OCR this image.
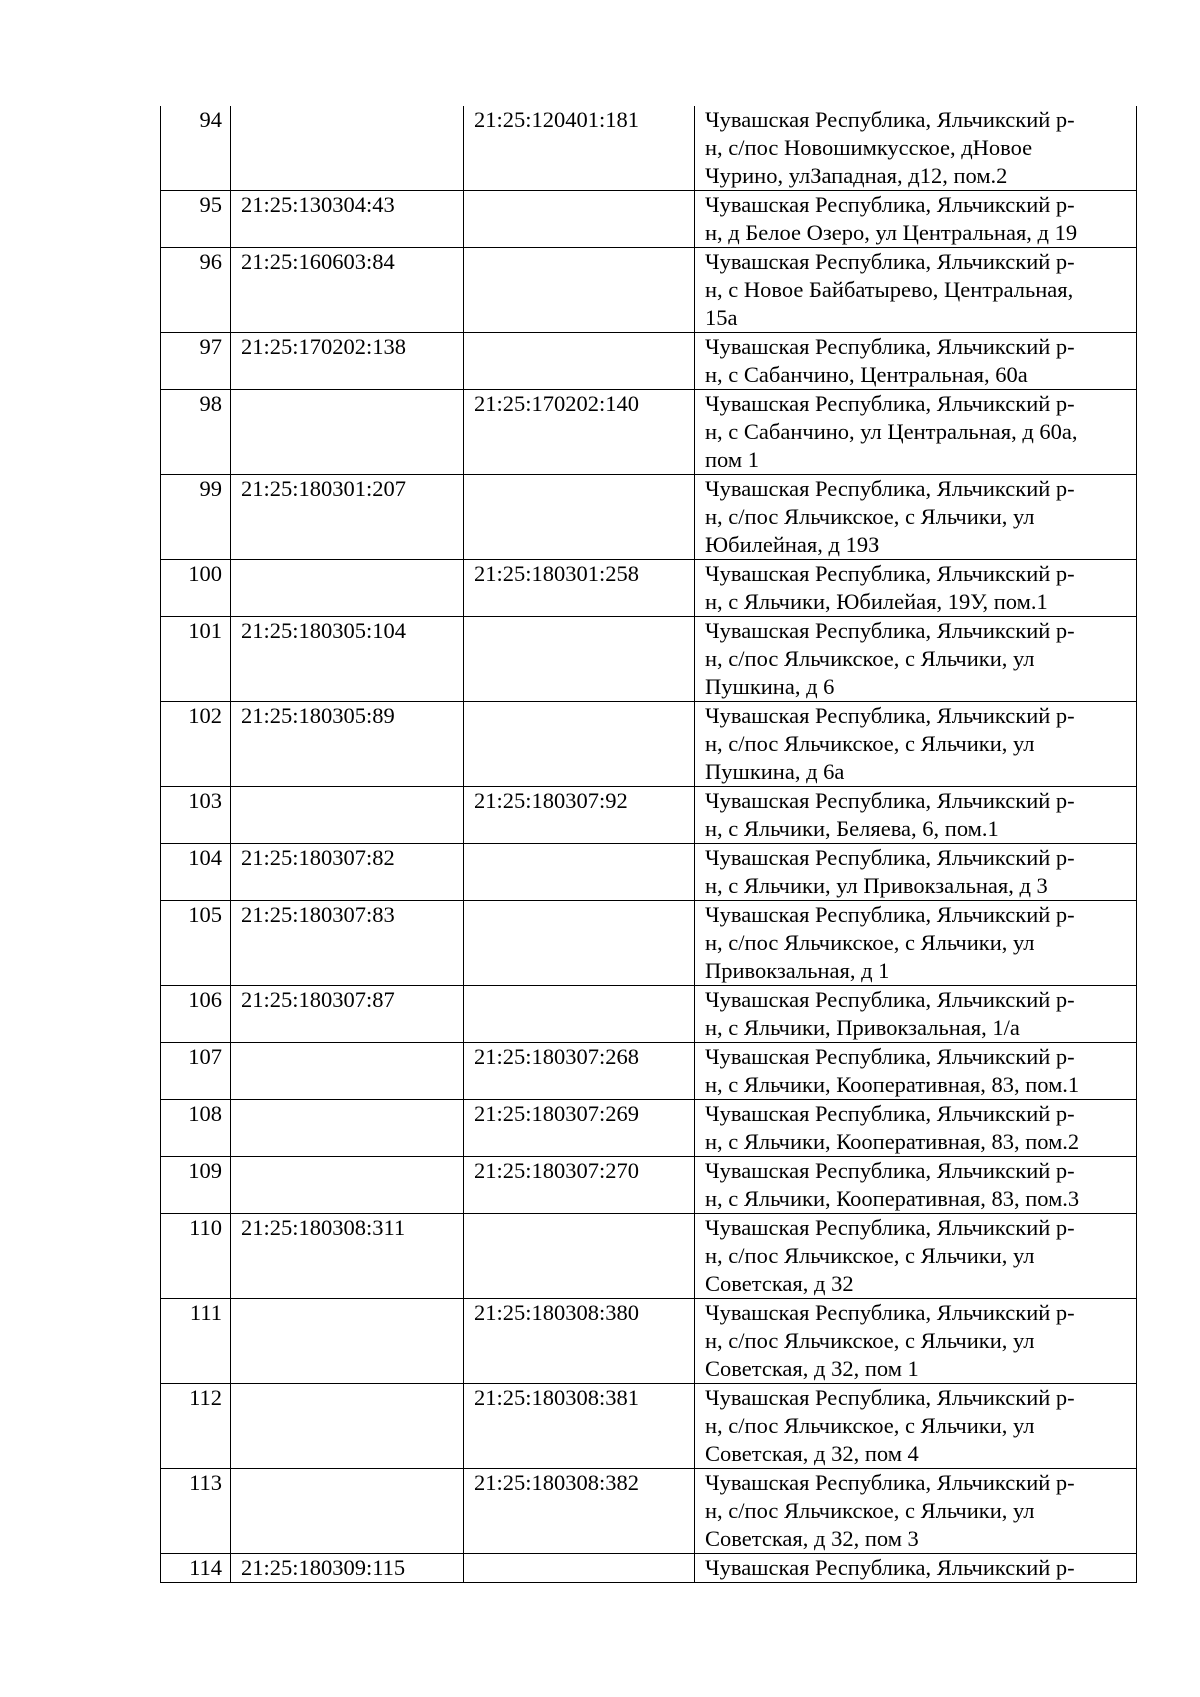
94		21:25:120401:181	Чувашская Республика, Яльчикский р-
н, с/пос Новошимкусское, дНовое
Чурино, улЗападная, д12, пом.2

95	21:25:130304:43		Чувашская Республика, Яльчикский р-
н, д Белое Озеро, ул Центральная, д 19

96	21:25:160603:84		Чувашская Республика, Яльчикский р-
н, с Новое Байбатырево, Центральная,
15а

97	21:25:170202:138		Чувашская Республика, Яльчикский р-
н, с Сабанчино, Центральная, 60а

98		21:25:170202:140	Чувашская Республика, Яльчикский р-
н, с Сабанчино, ул Центральная, д 60а,
пом 1

99	21:25:180301:207		Чувашская Республика, Яльчикский р-
н, с/пос Яльчикское, с Яльчики, ул
Юбилейная, д 19З

100		21:25:180301:258	Чувашская Республика, Яльчикский р-
н, с Яльчики, Юбилейая, 19У, пом.1

101	21:25:180305:104		Чувашская Республика, Яльчикский р-
н, с/пос Яльчикское, с Яльчики, ул
Пушкина, д 6

102	21:25:180305:89		Чувашская Республика, Яльчикский р-
н, с/пос Яльчикское, с Яльчики, ул
Пушкина, д 6а

103		21:25:180307:92	Чувашская Республика, Яльчикский р-
н, с Яльчики, Беляева, 6, пом.1

104	21:25:180307:82		Чувашская Республика, Яльчикский р-
н, с Яльчики, ул Привокзальная, д 3

105	21:25:180307:83		Чувашская Республика, Яльчикский р-
н, с/пос Яльчикское, с Яльчики, ул
Привокзальная, д 1

106	21:25:180307:87		Чувашская Республика, Яльчикский р-
н, с Яльчики, Привокзальная, 1/а

107		21:25:180307:268	Чувашская Республика, Яльчикский р-
н, с Яльчики, Кооперативная, 83, пом.1

108		21:25:180307:269	Чувашская Республика, Яльчикский р-
н, с Яльчики, Кооперативная, 83, пом.2

109		21:25:180307:270	Чувашская Республика, Яльчикский р-
н, с Яльчики, Кооперативная, 83, пом.3

110	21:25:180308:311		Чувашская Республика, Яльчикский р-
н, с/пос Яльчикское, с Яльчики, ул
Советская, д 32

111		21:25:180308:380	Чувашская Республика, Яльчикский р-
н, с/пос Яльчикское, с Яльчики, ул
Советская, д 32, пом 1

112		21:25:180308:381	Чувашская Республика, Яльчикский р-
н, с/пос Яльчикское, с Яльчики, ул
Советская, д 32, пом 4

113		21:25:180308:382	Чувашская Республика, Яльчикский р-
н, с/пос Яльчикское, с Яльчики, ул
Советская, д 32, пом 3

114	21:25:180309:115		Чувашская Республика, Яльчикский р-
